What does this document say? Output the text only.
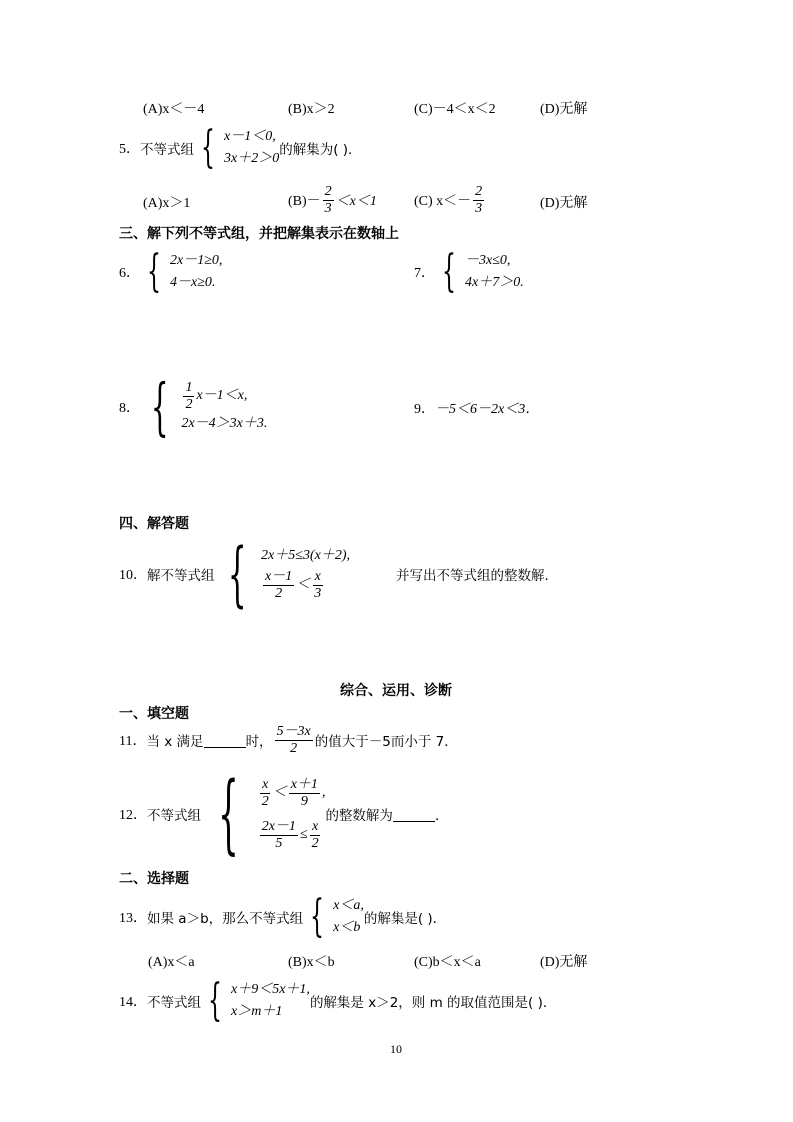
(A)x＜－4	(B)x＞2	(C)－4＜x＜2	(D)无解
5． 不等式组 { x－1＜0,
3x＋2＞0
的解集为( )．
(A)x＞1	$(B)- \frac{2}{3} <x<1$	(C) $x<- \frac{2}{3}$	(D)无解
三、解下列不等式组，并把解集表示在数轴上
6． { 2x－1≥0,
4－x≥0.
7． { －3x≤0,
4x＋7＞0.
8． { $\frac{1}{2} x-1<x$,
2x－4＞3x＋3.
9． －5＜6－2x＜3．
四、解答题
10． 解不等式组 { 2x＋5≤3(x＋2),
$\frac{x-1}{2} < \frac{x}{3}$	并写出不等式组的整数解．
综合、运用、诊断
一、填空题
11． 当 x 满足	时， $\frac{5-3x}{2}$ 的值大于－5而小于 7．
12． 不等式组 { $\frac{x}{2} < \frac{x+1}{9}$ ,
$\frac{2x-1}{5} \le \frac{x}{2}$
的整数解为	．
二、选择题
13． 如果 a＞b，那么不等式组 { x＜a,
x＜b
的解集是( )．
(A)x＜a	(B)x＜b	(C)b＜x＜a	(D)无解
14． 不等式组 { x＋9＜5x＋1,
x＞m＋1
的解集是 x＞2，则 m 的取值范围是( )．
10
